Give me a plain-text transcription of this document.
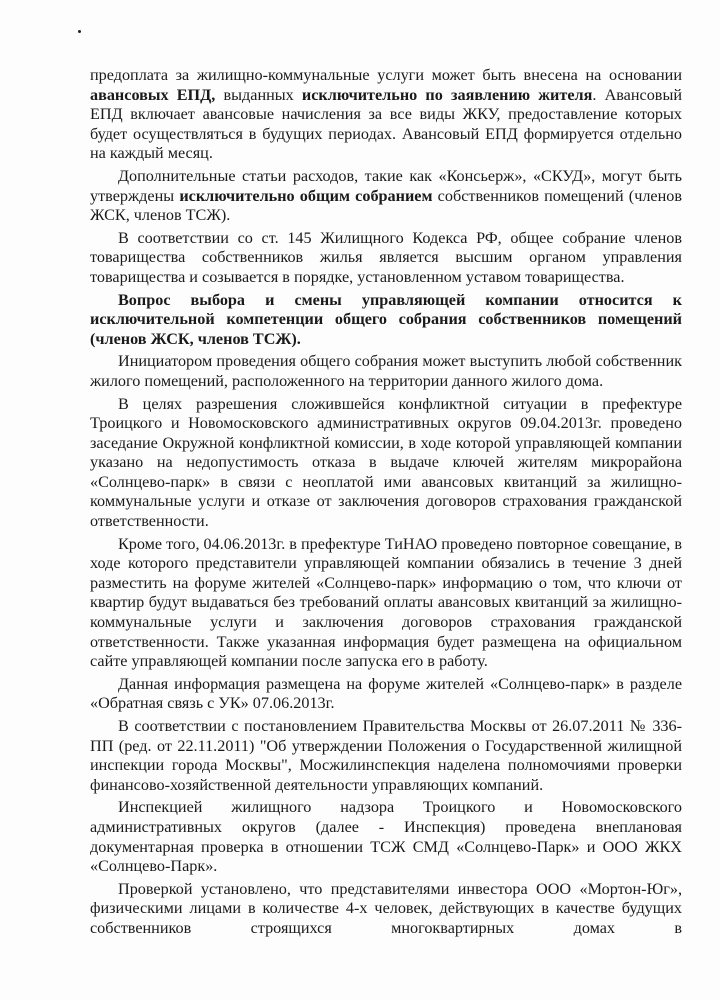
предоплата за жилищно-коммунальные услуги может быть внесена на основании авансовых ЕПД, выданных исключительно по заявлению жителя. Авансовый ЕПД включает авансовые начисления за все виды ЖКУ, предоставление которых будет осуществляться в будущих периодах. Авансовый ЕПД формируется отдельно на каждый месяц.

Дополнительные статьи расходов, такие как «Консьерж», «СКУД», могут быть утверждены исключительно общим собранием собственников помещений (членов ЖСК, членов ТСЖ).

В соответствии со ст. 145 Жилищного Кодекса РФ, общее собрание членов товарищества собственников жилья является высшим органом управления товарищества и созывается в порядке, установленном уставом товарищества.

Вопрос выбора и смены управляющей компании относится к исключительной компетенции общего собрания собственников помещений (членов ЖСК, членов ТСЖ).

Инициатором проведения общего собрания может выступить любой собственник жилого помещений, расположенного на территории данного жилого дома.

В целях разрешения сложившейся конфликтной ситуации в префектуре Троицкого и Новомосковского административных округов 09.04.2013г. проведено заседание Окружной конфликтной комиссии, в ходе которой управляющей компании указано на недопустимость отказа в выдаче ключей жителям микрорайона «Солнцево-парк» в связи с неоплатой ими авансовых квитанций за жилищно-коммунальные услуги и отказе от заключения договоров страхования гражданской ответственности.

Кроме того, 04.06.2013г. в префектуре ТиНАО проведено повторное совещание, в ходе которого представители управляющей компании обязались в течение 3 дней разместить на форуме жителей «Солнцево-парк» информацию о том, что ключи от квартир будут выдаваться без требований оплаты авансовых квитанций за жилищно-коммунальные услуги и заключения договоров страхования гражданской ответственности. Также указанная информация будет размещена на официальном сайте управляющей компании после запуска его в работу.

Данная информация размещена на форуме жителей «Солнцево-парк» в разделе «Обратная связь с УК» 07.06.2013г.

В соответствии с постановлением Правительства Москвы от 26.07.2011 № 336-ПП (ред. от 22.11.2011) "Об утверждении Положения о Государственной жилищной инспекции города Москвы", Мосжилинспекция наделена полномочиями проверки финансово-хозяйственной деятельности управляющих компаний.

Инспекцией жилищного надзора Троицкого и Новомосковского административных округов (далее - Инспекция) проведена внеплановая документарная проверка в отношении ТСЖ СМД «Солнцево-Парк» и ООО ЖКХ «Солнцево-Парк».

Проверкой установлено, что представителями инвестора ООО «Мортон-Юг», физическими лицами в количестве 4-х человек, действующих в качестве будущих собственников строящихся многоквартирных домах в
